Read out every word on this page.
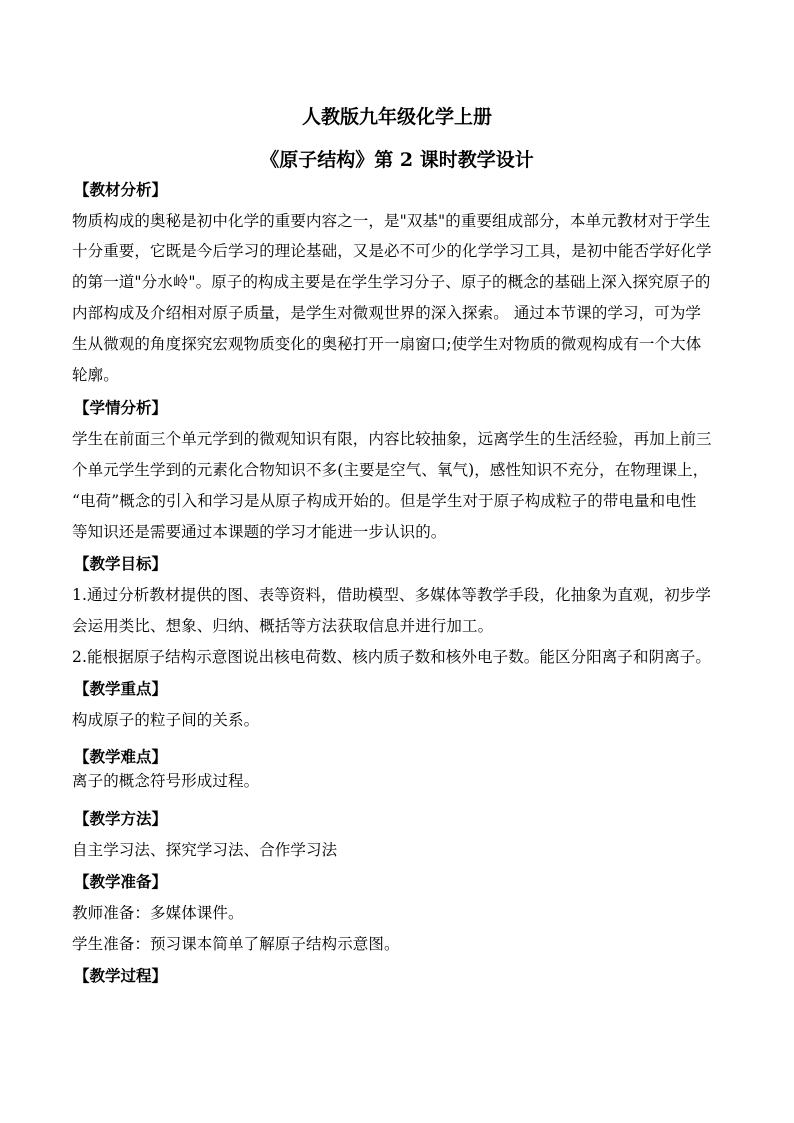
人教版九年级化学上册
《原子结构》第 2 课时教学设计
【教材分析】
物质构成的奥秘是初中化学的重要内容之一，是"双基"的重要组成部分，本单元教材对于学生
十分重要，它既是今后学习的理论基础，又是必不可少的化学学习工具，是初中能否学好化学
的第一道"分水岭"。原子的构成主要是在学生学习分子、原子的概念的基础上深入探究原子的
内部构成及介绍相对原子质量，是学生对微观世界的深入探索。 通过本节课的学习，可为学
生从微观的角度探究宏观物质变化的奥秘打开一扇窗口;使学生对物质的微观构成有一个大体
轮廓。
【学情分析】
学生在前面三个单元学到的微观知识有限，内容比较抽象，远离学生的生活经验，再加上前三
个单元学生学到的元素化合物知识不多(主要是空气、氧气)，感性知识不充分，在物理课上，
“电荷”概念的引入和学习是从原子构成开始的。但是学生对于原子构成粒子的带电量和电性
等知识还是需要通过本课题的学习才能进一步认识的。
【教学目标】
1.通过分析教材提供的图、表等资料，借助模型、多媒体等教学手段，化抽象为直观，初步学
会运用类比、想象、归纳、概括等方法获取信息并进行加工。
2.能根据原子结构示意图说出核电荷数、核内质子数和核外电子数。能区分阳离子和阴离子。
【教学重点】
构成原子的粒子间的关系。
【教学难点】
离子的概念符号形成过程。
【教学方法】
自主学习法、探究学习法、合作学习法
【教学准备】
教师准备：多媒体课件。
学生准备：预习课本简单了解原子结构示意图。
【教学过程】
